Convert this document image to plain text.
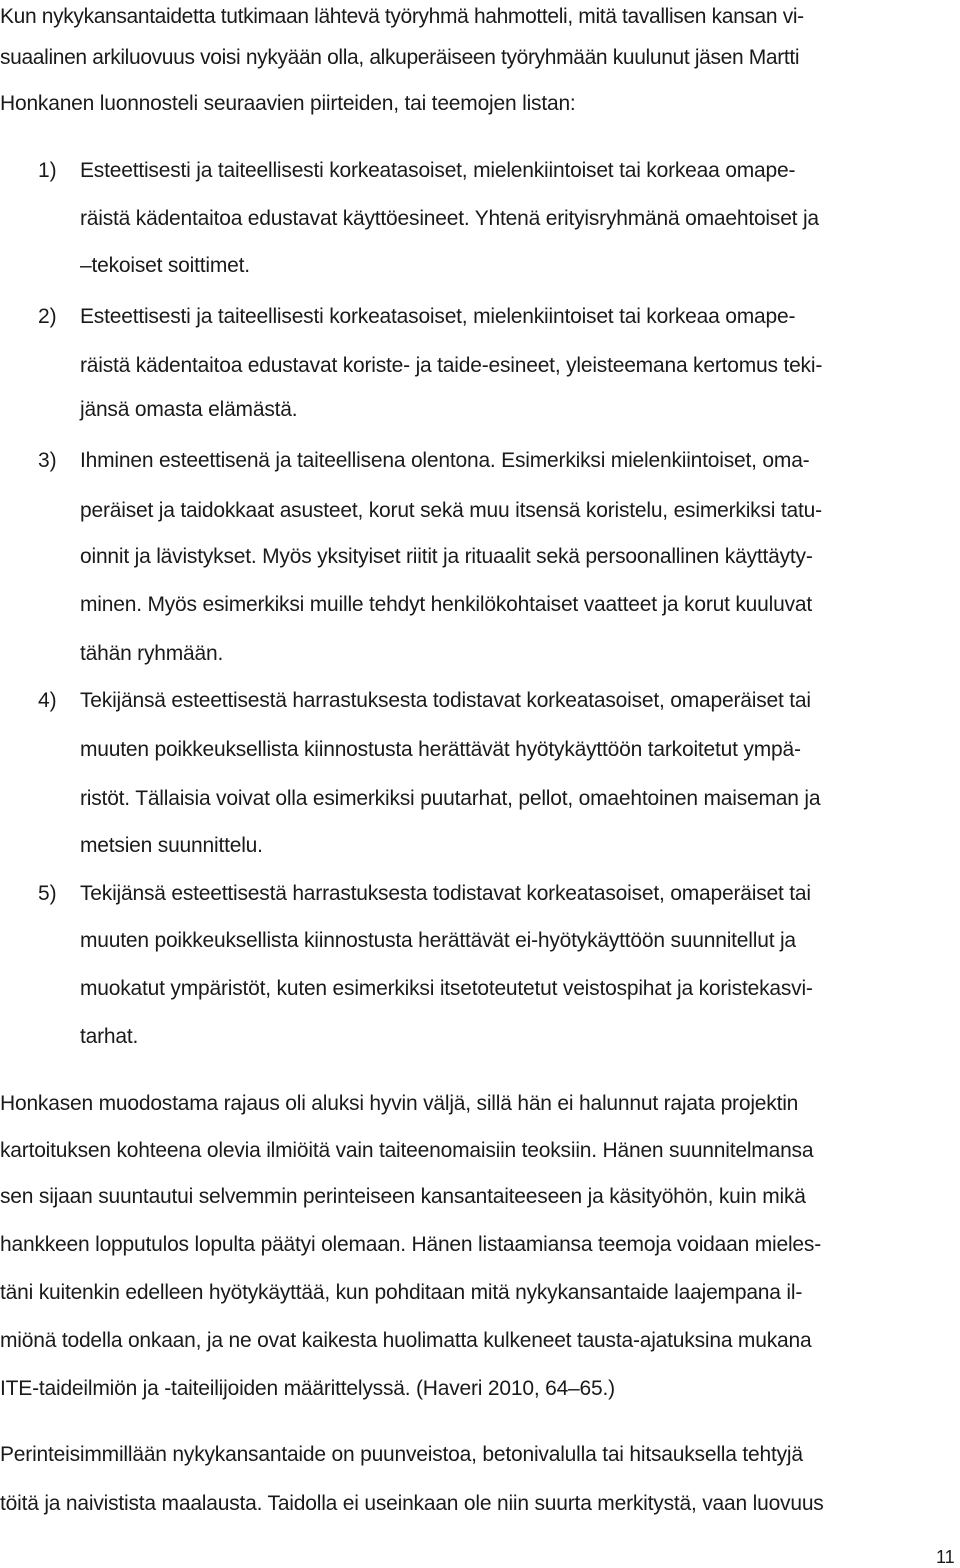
Kun nykykansantaidetta tutkimaan lähtevä työryhmä hahmotteli, mitä tavallisen kansan vi-
suaalinen arkiluovuus voisi nykyään olla, alkuperäiseen työryhmään kuulunut jäsen Martti
Honkanen luonnosteli seuraavien piirteiden, tai teemojen listan:
1) Esteettisesti ja taiteellisesti korkeatasoiset, mielenkiintoiset tai korkeaa omape-
räistä kädentaitoa edustavat käyttöesineet. Yhtenä erityisryhmänä omaehtoiset ja
–tekoiset soittimet.
2) Esteettisesti ja taiteellisesti korkeatasoiset, mielenkiintoiset tai korkeaa omape-
räistä kädentaitoa edustavat koriste- ja taide-esineet, yleisteemana kertomus teki-
jänsä omasta elämästä.
3) Ihminen esteettisenä ja taiteellisena olentona. Esimerkiksi mielenkiintoiset, oma-
peräiset ja taidokkaat asusteet, korut sekä muu itsensä koristelu, esimerkiksi tatu-
oinnit ja lävistykset. Myös yksityiset riitit ja rituaalit sekä persoonallinen käyttäyty-
minen. Myös esimerkiksi muille tehdyt henkilökohtaiset vaatteet ja korut kuuluvat
tähän ryhmään.
4) Tekijänsä esteettisestä harrastuksesta todistavat korkeatasoiset, omaperäiset tai
muuten poikkeuksellista kiinnostusta herättävät hyötykäyttöön tarkoitetut ympä-
ristöt. Tällaisia voivat olla esimerkiksi puutarhat, pellot, omaehtoinen maiseman ja
metsien suunnittelu.
5) Tekijänsä esteettisestä harrastuksesta todistavat korkeatasoiset, omaperäiset tai
muuten poikkeuksellista kiinnostusta herättävät ei-hyötykäyttöön suunnitellut ja
muokatut ympäristöt, kuten esimerkiksi itsetoteutetut veistospihat ja koristekasvi-
tarhat.
Honkasen muodostama rajaus oli aluksi hyvin väljä, sillä hän ei halunnut rajata projektin
kartoituksen kohteena olevia ilmiöitä vain taiteenomaisiin teoksiin. Hänen suunnitelmansa
sen sijaan suuntautui selvemmin perinteiseen kansantaiteeseen ja käsityöhön, kuin mikä
hankkeen lopputulos lopulta päätyi olemaan. Hänen listaamiansa teemoja voidaan mieles-
täni kuitenkin edelleen hyötykäyttää, kun pohditaan mitä nykykansantaide laajempana il-
miönä todella onkaan, ja ne ovat kaikesta huolimatta kulkeneet tausta-ajatuksina mukana
ITE-taideilmiön ja -taiteilijoiden määrittelyssä. (Haveri 2010, 64–65.)
Perinteisimmillään nykykansantaide on puunveistoa, betonivalulla tai hitsauksella tehtyjä
töitä ja naivistista maalausta. Taidolla ei useinkaan ole niin suurta merkitystä, vaan luovuus
11
